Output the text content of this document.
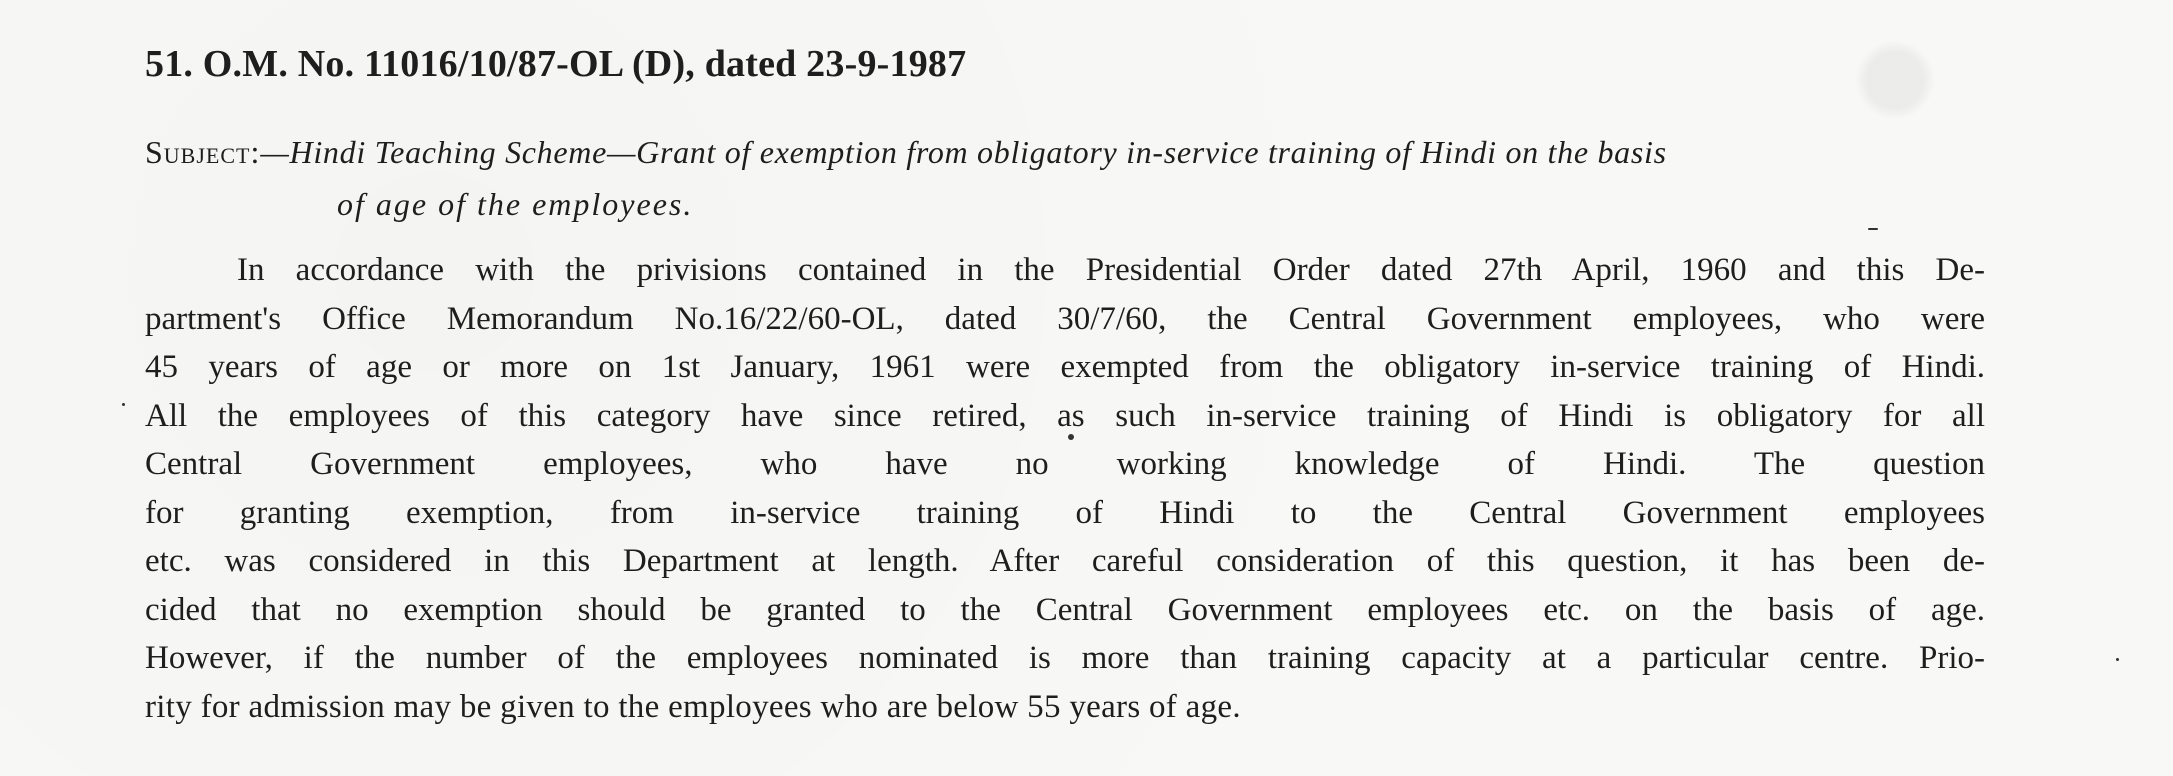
51. O.M. No. 11016/10/87-OL (D), dated 23-9-1987
Subject:—Hindi Teaching Scheme—Grant of exemption from obligatory in-service training of Hindi on the basis
of age of the employees.
In accordance with the privisions contained in the Presidential Order dated 27th April, 1960 and this De-
partment's Office Memorandum No.16/22/60-OL, dated 30/7/60, the Central Government employees, who were
45 years of age or more on 1st January, 1961 were exempted from the obligatory in-service training of Hindi.
All the employees of this category have since retired, as such in-service training of Hindi is obligatory for all
Central Government employees, who have no working knowledge of Hindi. The question
for granting exemption, from in-service training of Hindi to the Central Government employees
etc. was considered in this Department at length. After careful consideration of this question, it has been de-
cided that no exemption should be granted to the Central Government employees etc. on the basis of age.
However, if the number of the employees nominated is more than training capacity at a particular centre. Prio-
rity for admission may be given to the employees who are below 55 years of age.
